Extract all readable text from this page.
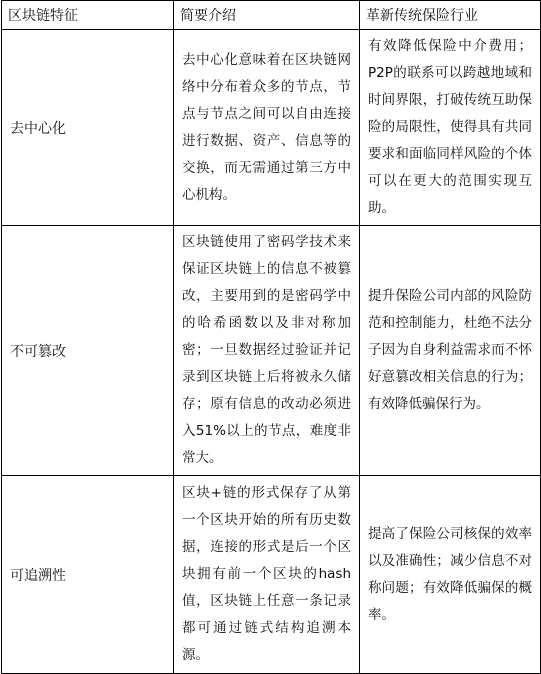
区块链特征	简要介绍	革新传统保险行业
去中心化	去中心化意味着在区块链网络中分布着众多的节点，节点与节点之间可以自由连接进行数据、资产、信息等的交换，而无需通过第三方中心机构。	有效降低保险中介费用；P2P的联系可以跨越地域和时间界限，打破传统互助保险的局限性，使得具有共同要求和面临同样风险的个体可以在更大的范围实现互助。
不可篡改	区块链使用了密码学技术来保证区块链上的信息不被篡改，主要用到的是密码学中的哈希函数以及非对称加密；一旦数据经过验证并记录到区块链上后将被永久储存；原有信息的改动必须进入51%以上的节点，难度非常大。	提升保险公司内部的风险防范和控制能力，杜绝不法分子因为自身利益需求而不怀好意篡改相关信息的行为；有效降低骗保行为。
可追溯性	区块+链的形式保存了从第一个区块开始的所有历史数据，连接的形式是后一个区块拥有前一个区块的hash值，区块链上任意一条记录都可通过链式结构追溯本源。	提高了保险公司核保的效率以及准确性；减少信息不对称问题；有效降低骗保的概率。
